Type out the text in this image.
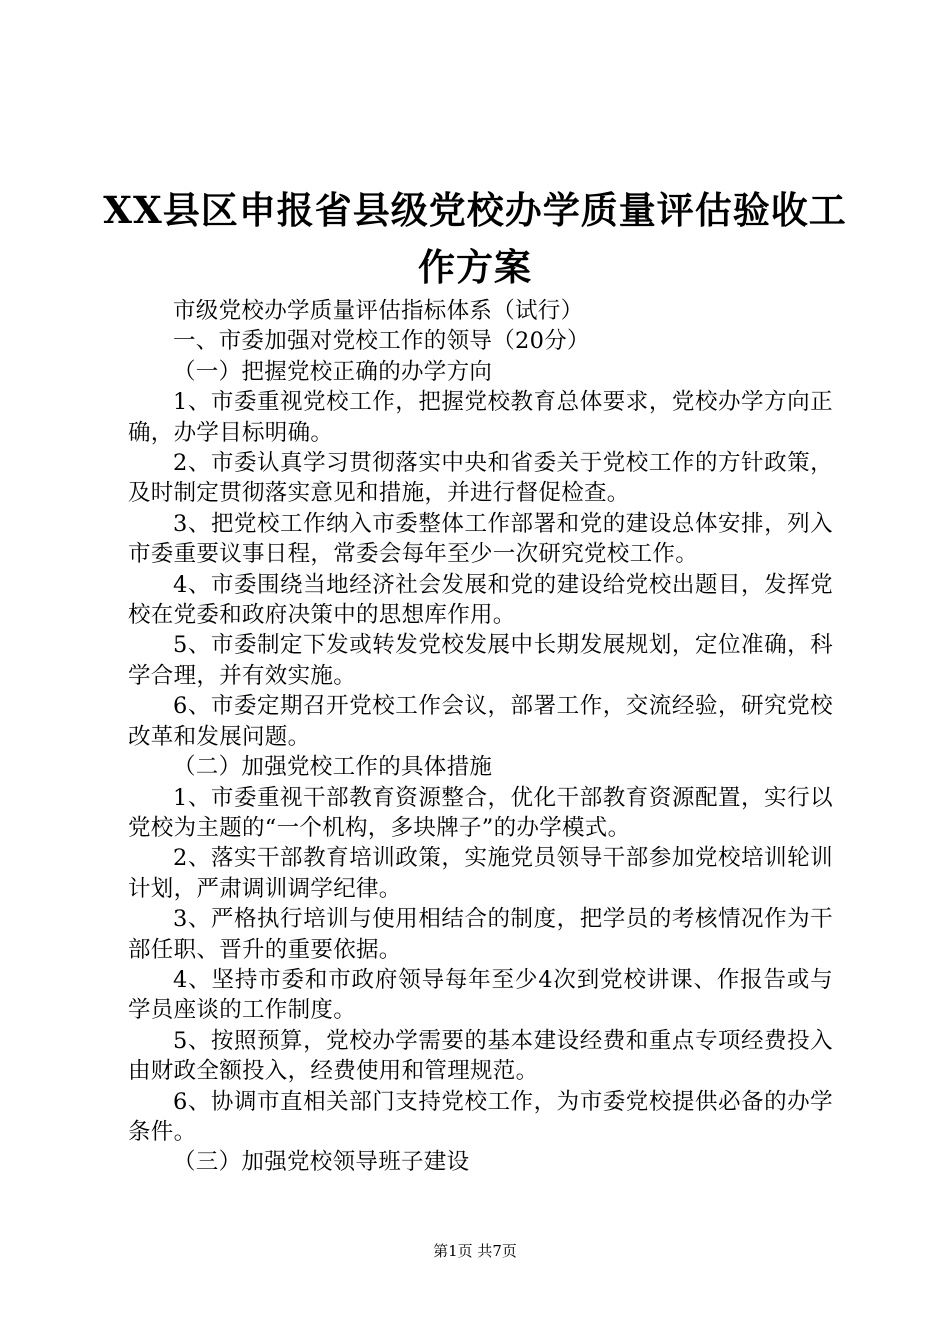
XX县区申报省县级党校办学质量评估验收工
作方案

市级党校办学质量评估指标体系（试行）

一、市委加强对党校工作的领导（20分）

（一）把握党校正确的办学方向

1、市委重视党校工作，把握党校教育总体要求，党校办学方向正确，办学目标明确。

2、市委认真学习贯彻落实中央和省委关于党校工作的方针政策，及时制定贯彻落实意见和措施，并进行督促检查。

3、把党校工作纳入市委整体工作部署和党的建设总体安排，列入市委重要议事日程，常委会每年至少一次研究党校工作。

4、市委围绕当地经济社会发展和党的建设给党校出题目，发挥党校在党委和政府决策中的思想库作用。

5、市委制定下发或转发党校发展中长期发展规划，定位准确，科学合理，并有效实施。

6、市委定期召开党校工作会议，部署工作，交流经验，研究党校改革和发展问题。

（二）加强党校工作的具体措施

1、市委重视干部教育资源整合，优化干部教育资源配置，实行以党校为主题的“一个机构，多块牌子”的办学模式。

2、落实干部教育培训政策，实施党员领导干部参加党校培训轮训计划，严肃调训调学纪律。

3、严格执行培训与使用相结合的制度，把学员的考核情况作为干部任职、晋升的重要依据。

4、坚持市委和市政府领导每年至少4次到党校讲课、作报告或与学员座谈的工作制度。

5、按照预算，党校办学需要的基本建设经费和重点专项经费投入由财政全额投入，经费使用和管理规范。

6、协调市直相关部门支持党校工作，为市委党校提供必备的办学条件。

（三）加强党校领导班子建设

第1页 共7页
